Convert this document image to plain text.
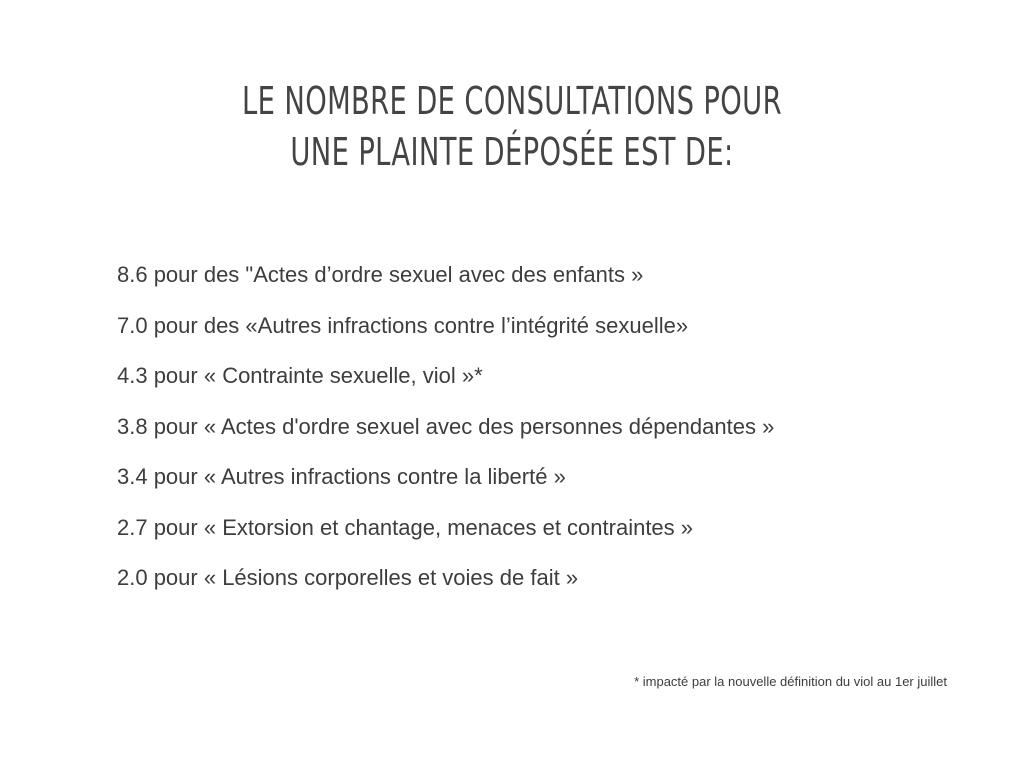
LE NOMBRE DE CONSULTATIONS POUR
UNE PLAINTE DÉPOSÉE EST DE:
8.6 pour des "Actes d’ordre sexuel avec des enfants »
7.0 pour des «Autres infractions contre l’intégrité sexuelle»
4.3 pour « Contrainte sexuelle, viol »*
3.8 pour « Actes d'ordre sexuel avec des personnes dépendantes »
3.4 pour « Autres infractions contre la liberté »
2.7 pour « Extorsion et chantage, menaces et contraintes »
2.0 pour « Lésions corporelles et voies de fait »
* impacté par la nouvelle définition du viol au 1er juillet
